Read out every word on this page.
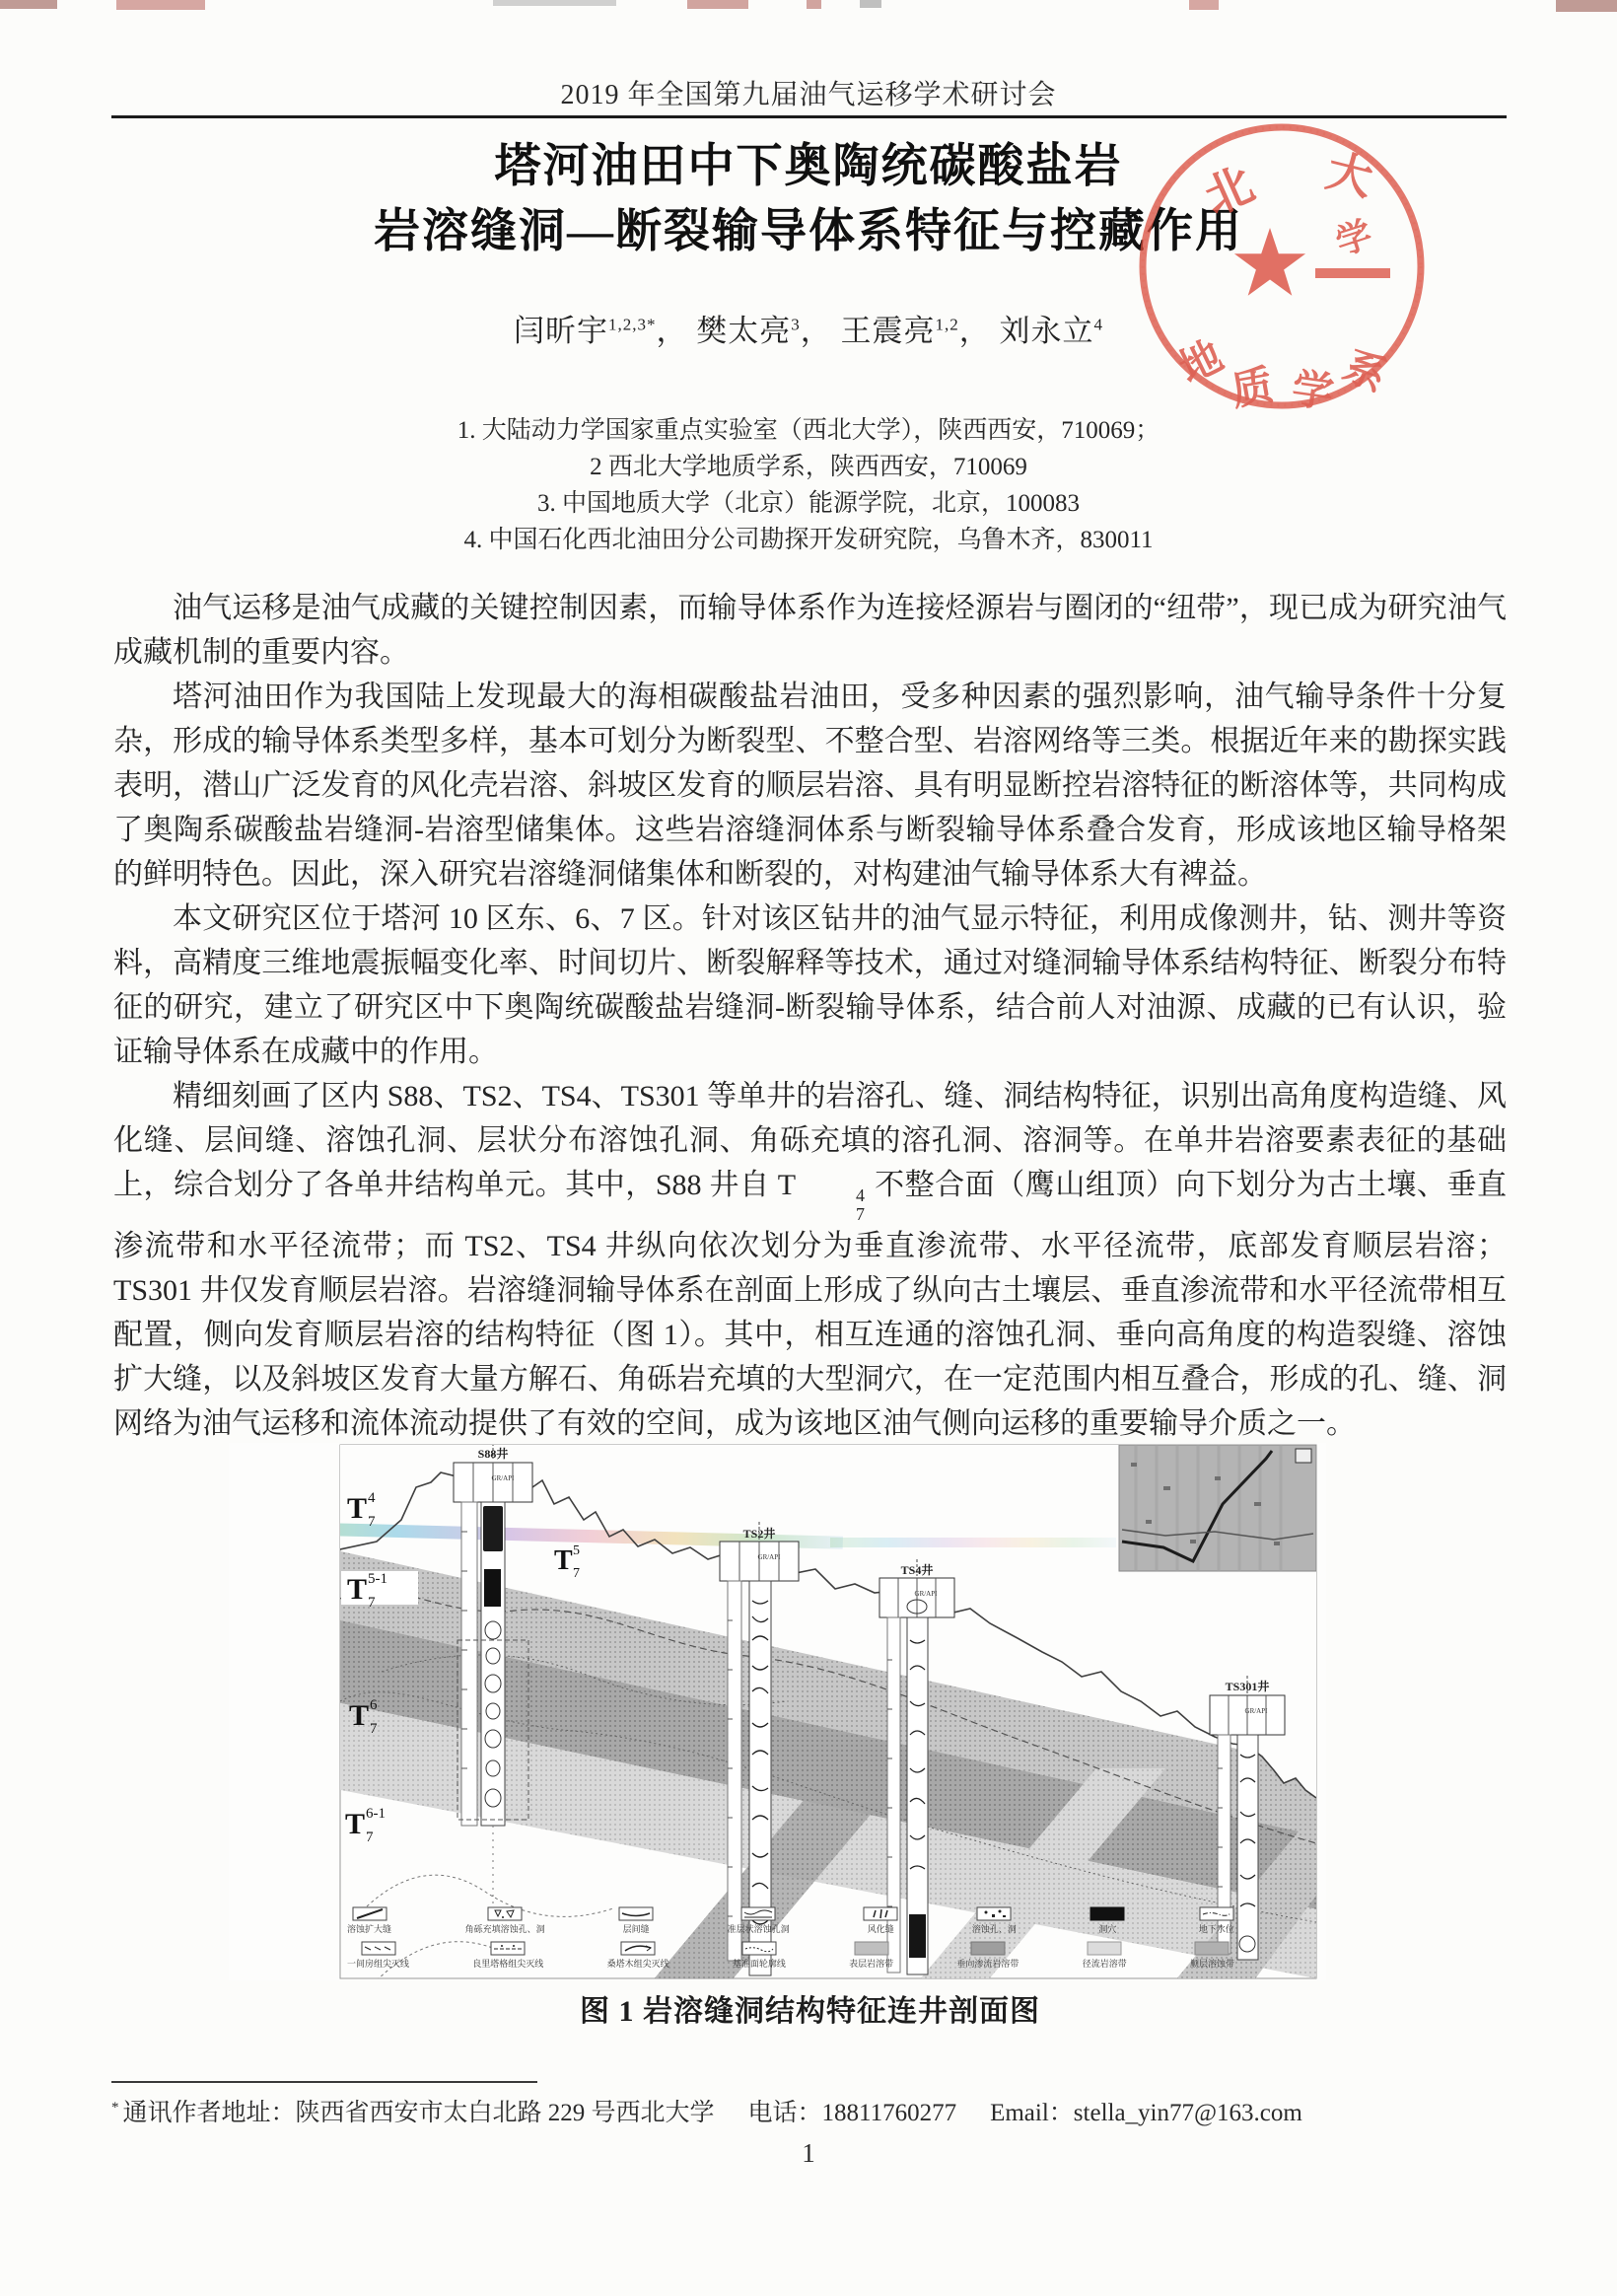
2019 年全国第九届油气运移学术研讨会
塔河油田中下奥陶统碳酸盐岩
岩溶缝洞—断裂输导体系特征与控藏作用
北 大
学
地
质 学 系
闫昕宇$^{1,2,3*}$， 樊太亮$^3$， 王震亮$^{1,2}$， 刘永立$^4$
1. 大陆动力学国家重点实验室（西北大学），陕西西安，710069；
2 西北大学地质学系，陕西西安，710069
3. 中国地质大学（北京）能源学院，北京，100083
4. 中国石化西北油田分公司勘探开发研究院，乌鲁木齐，830011

油气运移是油气成藏的关键控制因素，而输导体系作为连接烃源岩与圈闭的“纽带”，现已成为研究油气成藏机制的重要内容。

塔河油田作为我国陆上发现最大的海相碳酸盐岩油田，受多种因素的强烈影响，油气输导条件十分复杂，形成的输导体系类型多样，基本可划分为断裂型、不整合型、岩溶网络等三类。根据近年来的勘探实践表明，潜山广泛发育的风化壳岩溶、斜坡区发育的顺层岩溶、具有明显断控岩溶特征的断溶体等，共同构成了奥陶系碳酸盐岩缝洞-岩溶型储集体。这些岩溶缝洞体系与断裂输导体系叠合发育，形成该地区输导格架的鲜明特色。因此，深入研究岩溶缝洞储集体和断裂的，对构建油气输导体系大有裨益。

本文研究区位于塔河 10 区东、6、7 区。针对该区钻井的油气显示特征，利用成像测井，钻、测井等资料，高精度三维地震振幅变化率、时间切片、断裂解释等技术，通过对缝洞输导体系结构特征、断裂分布特征的研究，建立了研究区中下奥陶统碳酸盐岩缝洞-断裂输导体系，结合前人对油源、成藏的已有认识，验证输导体系在成藏中的作用。

精细刻画了区内 S88、TS2、TS4、TS301 等单井的岩溶孔、缝、洞结构特征，识别出高角度构造缝、风化缝、层间缝、溶蚀孔洞、层状分布溶蚀孔洞、角砾充填的溶孔洞、溶洞等。在单井岩溶要素表征的基础上，综合划分了各单井结构单元。其中，S88 井自 T	4
7
不整合面（鹰山组顶）向下划分为古土壤、垂直渗流带和水平径流带；而 TS2、TS4 井纵向依次划分为垂直渗流带、水平径流带，底部发育顺层岩溶；TS301 井仅发育顺层岩溶。岩溶缝洞输导体系在剖面上形成了纵向古土壤层、垂直渗流带和水平径流带相互配置，侧向发育顺层岩溶的结构特征（图 1）。其中，相互连通的溶蚀孔洞、垂向高角度的构造裂缝、溶蚀扩大缝，以及斜坡区发育大量方解石、角砾岩充填的大型洞穴，在一定范围内相互叠合，形成的孔、缝、洞网络为油气运移和流体流动提供了有效的空间，成为该地区油气侧向运移的重要输导介质之一。

S88井
TS2井
TS4井
TS301井
GR/API
GR/API
GR/API
GR/API
T 7
4
T 7
5
T 7
5-1
T 7
6
T 7
6-1
溶蚀扩大缝	角砾充填溶蚀孔、洞	层间缝	准层状溶蚀孔洞	风化缝	溶蚀孔、洞	洞穴	地下水位
一间房组尖灭线	良里塔格组尖灭线	桑塔木组尖灭线	基准面轮廓线	表层岩溶带	垂向渗流岩溶带	径流岩溶带	顺层溶蚀带
图 1 岩溶缝洞结构特征连井剖面图
* 通讯作者地址：陕西省西安市太白北路 229 号西北大学 电话：18811760277 Email：stella_yin77@163.com
1
